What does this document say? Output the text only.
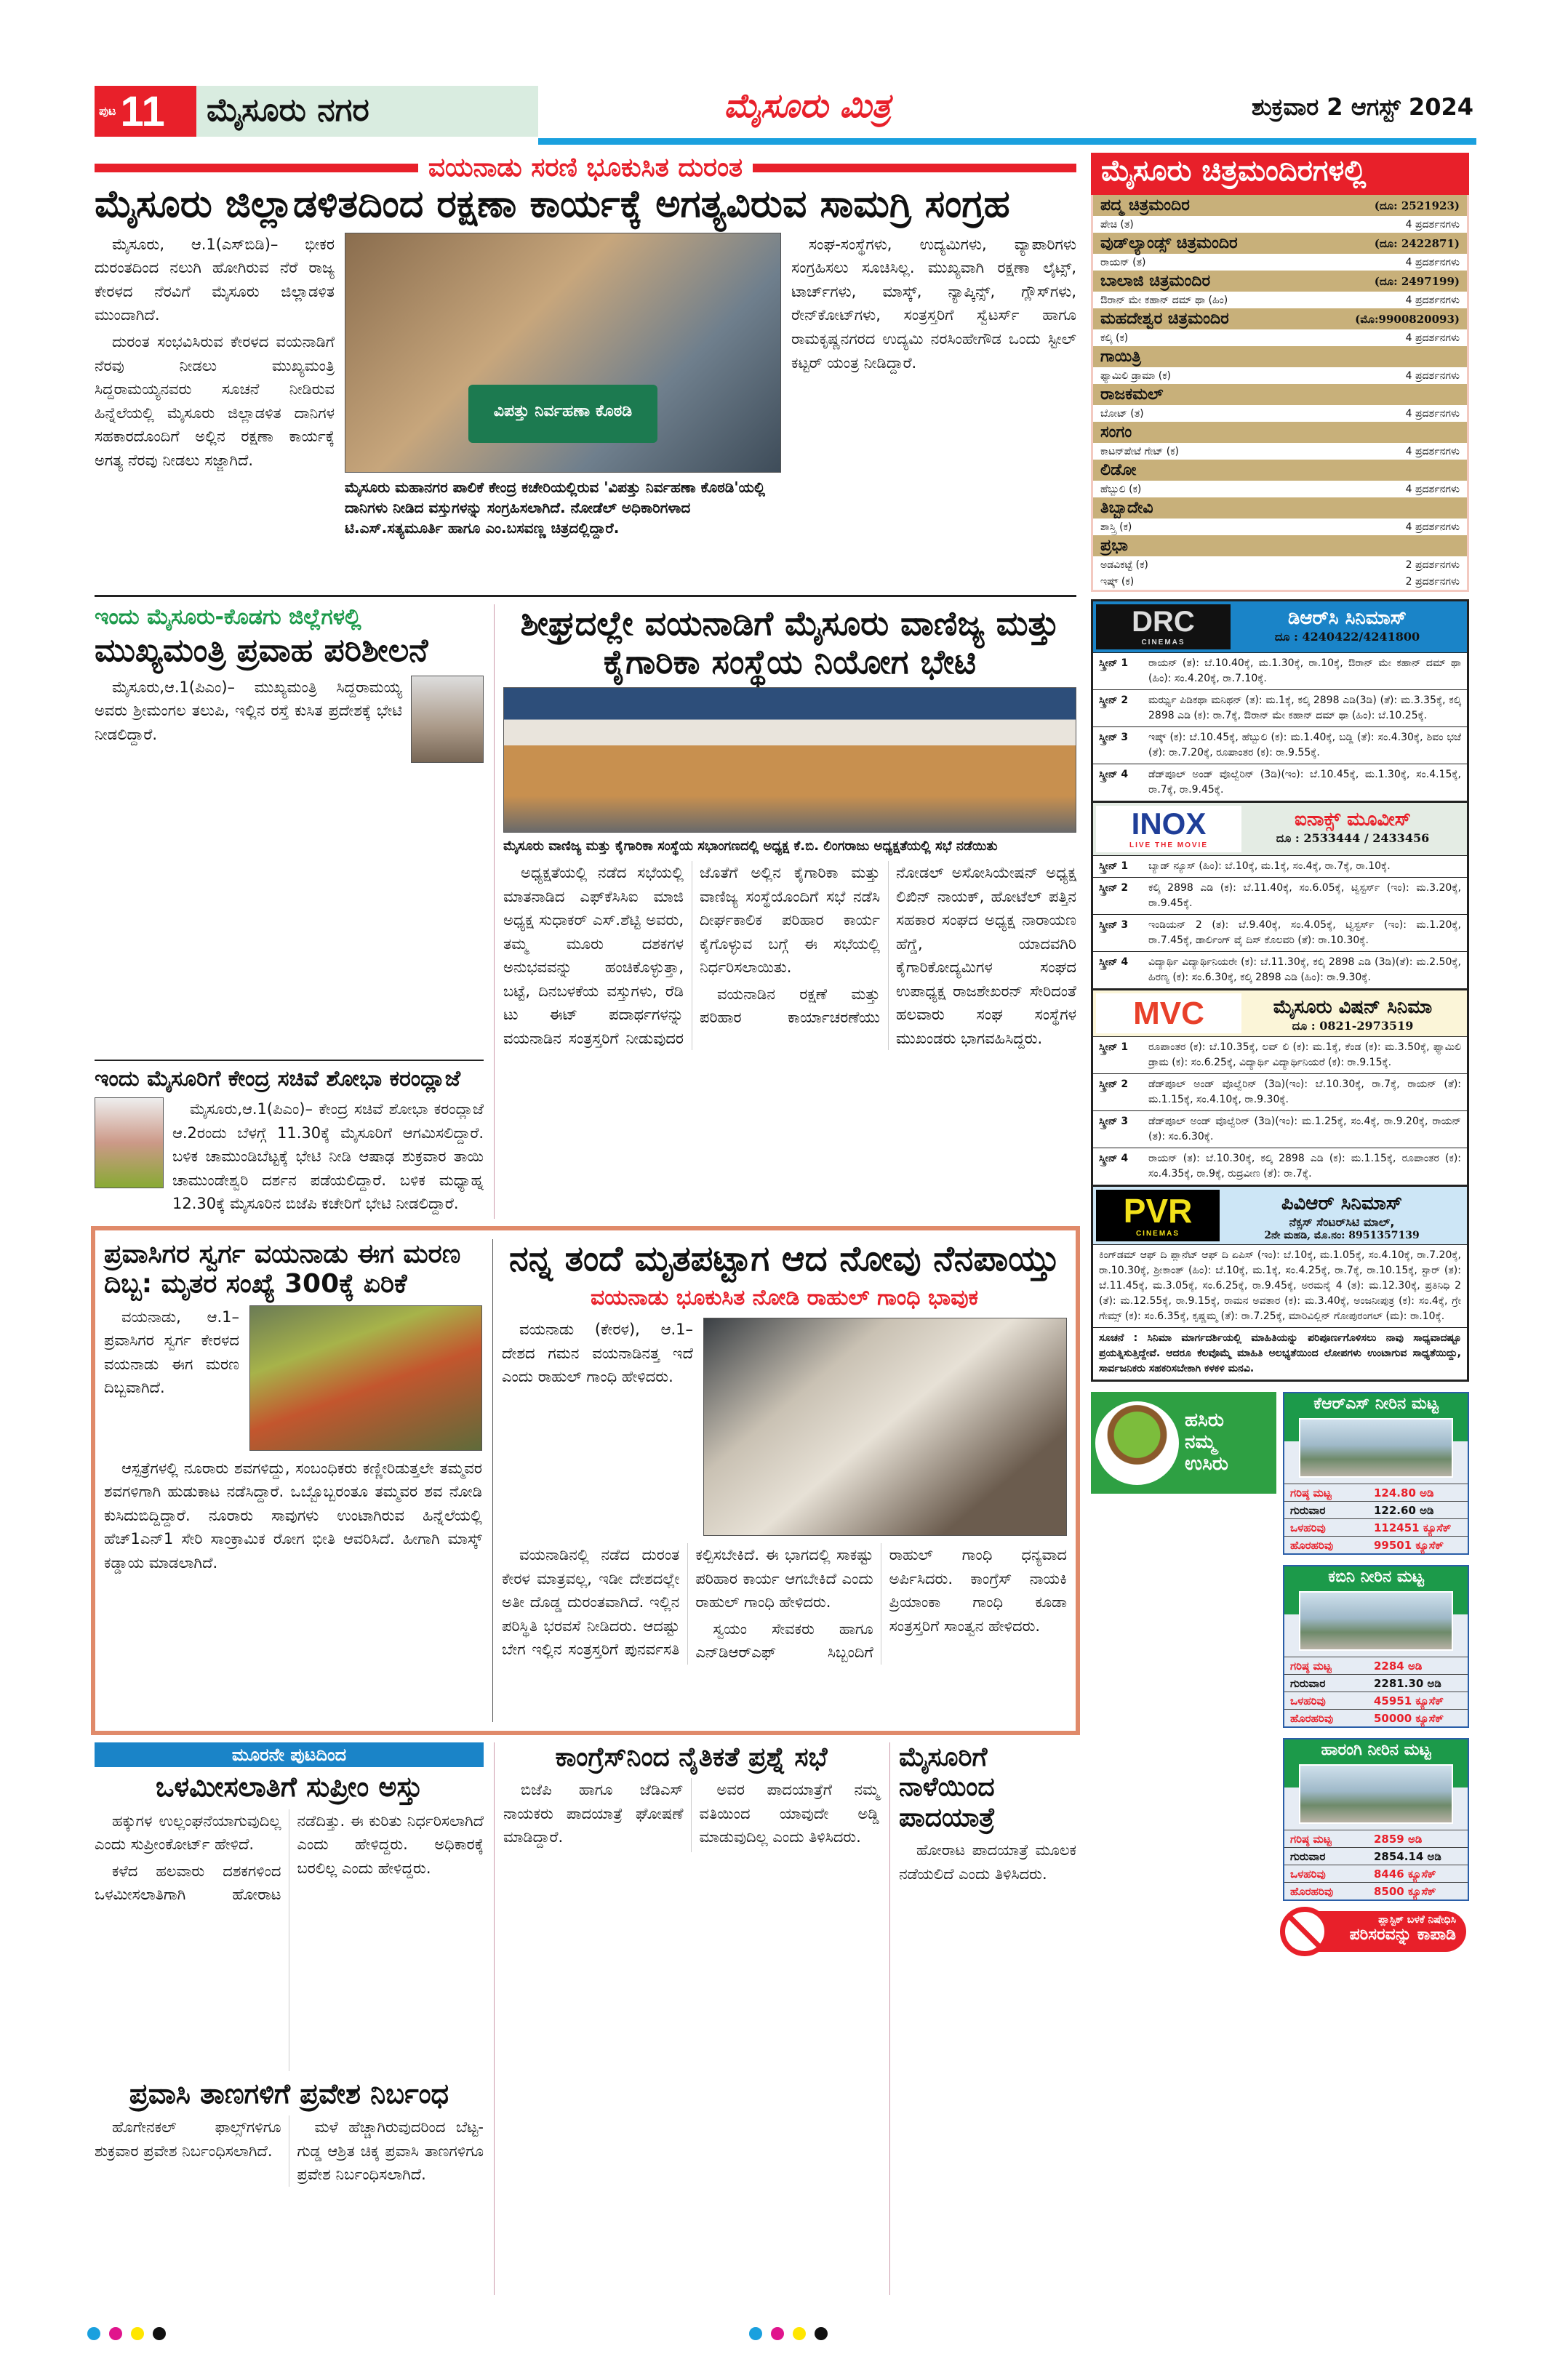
ಪುಟ 11	ಮೈಸೂರು ನಗರ	ಮೈಸೂರು ಮಿತ್ರ	ಶುಕ್ರವಾರ 2 ಆಗಸ್ಟ್ 2024
ವಯನಾಡು ಸರಣಿ ಭೂಕುಸಿತ ದುರಂತ
ಮೈಸೂರು ಜಿಲ್ಲಾಡಳಿತದಿಂದ ರಕ್ಷಣಾ ಕಾರ್ಯಕ್ಕೆ ಅಗತ್ಯವಿರುವ ಸಾಮಗ್ರಿ ಸಂಗ್ರಹ

ಮೈಸೂರು, ಆ.1(ಎಸ್‌ಬಿಡಿ)– ಭೀಕರ ದುರಂತದಿಂದ ನಲುಗಿ ಹೋಗಿರುವ ನೆರೆ ರಾಜ್ಯ ಕೇರಳದ ನೆರವಿಗೆ ಮೈಸೂರು ಜಿಲ್ಲಾಡಳಿತ ಮುಂದಾಗಿದೆ.

ದುರಂತ ಸಂಭವಿಸಿರುವ ಕೇರಳದ ವಯನಾಡಿಗೆ ನೆರವು ನೀಡಲು ಮುಖ್ಯಮಂತ್ರಿ ಸಿದ್ದರಾಮಯ್ಯನವರು ಸೂಚನೆ ನೀಡಿರುವ ಹಿನ್ನೆಲೆಯಲ್ಲಿ ಮೈಸೂರು ಜಿಲ್ಲಾಡಳಿತ ದಾನಿಗಳ ಸಹಕಾರದೊಂದಿಗೆ ಅಲ್ಲಿನ ರಕ್ಷಣಾ ಕಾರ್ಯಕ್ಕೆ ಅಗತ್ಯ ನೆರವು ನೀಡಲು ಸಜ್ಜಾಗಿದೆ.

ವಿಪತ್ತು ನಿರ್ವಹಣಾ ಕೊಠಡಿ
ಮೈಸೂರು ಮಹಾನಗರ ಪಾಲಿಕೆ ಕೇಂದ್ರ ಕಚೇರಿಯಲ್ಲಿರುವ 'ವಿಪತ್ತು ನಿರ್ವಹಣಾ ಕೊಠಡಿ'ಯಲ್ಲಿ ದಾನಿಗಳು ನೀಡಿದ ವಸ್ತುಗಳನ್ನು ಸಂಗ್ರಹಿಸಲಾಗಿದೆ. ನೋಡೆಲ್ ಅಧಿಕಾರಿಗಳಾದ ಟಿ.ಎಸ್.ಸತ್ಯಮೂರ್ತಿ ಹಾಗೂ ಎಂ.ಬಸವಣ್ಣ ಚಿತ್ರದಲ್ಲಿದ್ದಾರೆ.

ಸಂಘ-ಸಂಸ್ಥೆಗಳು, ಉದ್ಯಮಿಗಳು, ವ್ಯಾಪಾರಿಗಳು ಸಂಗ್ರಹಿಸಲು ಸೂಚಿಸಿಲ್ಲ. ಮುಖ್ಯವಾಗಿ ರಕ್ಷಣಾ ಲೈಟ್ಸ್, ಟಾರ್ಚ್‌ಗಳು, ಮಾಸ್ಕ್, ನ್ಯಾಪ್ಕಿನ್ಸ್, ಗ್ಲೌಸ್‌ಗಳು, ರೇನ್‌ಕೋಟ್‌ಗಳು, ಸಂತ್ರಸ್ತರಿಗೆ ಸ್ವೆಟರ್ಸ್ ಹಾಗೂ ರಾಮಕೃಷ್ಣನಗರದ ಉದ್ಯಮಿ ನರಸಿಂಹೇಗೌಡ ಒಂದು ಸ್ಟೀಲ್ ಕಟ್ಟರ್ ಯಂತ್ರ ನೀಡಿದ್ದಾರೆ.

ಇಂದು ಮೈಸೂರು-ಕೊಡಗು ಜಿಲ್ಲೆಗಳಲ್ಲಿ
ಮುಖ್ಯಮಂತ್ರಿ ಪ್ರವಾಹ ಪರಿಶೀಲನೆ

ಮೈಸೂರು,ಆ.1(ಪಿಎಂ)– ಮುಖ್ಯಮಂತ್ರಿ ಸಿದ್ದರಾಮಯ್ಯ ಅವರು ಶ್ರೀಮಂಗಲ ತಲುಪಿ, ಇಲ್ಲಿನ ರಸ್ತೆ ಕುಸಿತ ಪ್ರದೇಶಕ್ಕೆ ಭೇಟಿ ನೀಡಲಿದ್ದಾರೆ.

ಇಂದು ಮೈಸೂರಿಗೆ ಕೇಂದ್ರ ಸಚಿವೆ ಶೋಭಾ ಕರಂದ್ಲಾಜೆ

ಮೈಸೂರು,ಆ.1(ಪಿಎಂ)– ಕೇಂದ್ರ ಸಚಿವೆ ಶೋಭಾ ಕರಂದ್ಲಾಜೆ ಆ.2ರಂದು ಬೆಳಗ್ಗೆ 11.30ಕ್ಕೆ ಮೈಸೂರಿಗೆ ಆಗಮಿಸಲಿದ್ದಾರೆ. ಬಳಿಕ ಚಾಮುಂಡಿಬೆಟ್ಟಕ್ಕೆ ಭೇಟಿ ನೀಡಿ ಆಷಾಢ ಶುಕ್ರವಾರ ತಾಯಿ ಚಾಮುಂಡೇಶ್ವರಿ ದರ್ಶನ ಪಡೆಯಲಿದ್ದಾರೆ. ಬಳಿಕ ಮಧ್ಯಾಹ್ನ 12.30ಕ್ಕೆ ಮೈಸೂರಿನ ಬಿಜೆಪಿ ಕಚೇರಿಗೆ ಭೇಟಿ ನೀಡಲಿದ್ದಾರೆ.

ಶೀಘ್ರದಲ್ಲೇ ವಯನಾಡಿಗೆ ಮೈಸೂರು ವಾಣಿಜ್ಯ ಮತ್ತು ಕೈಗಾರಿಕಾ ಸಂಸ್ಥೆಯ ನಿಯೋಗ ಭೇಟಿ
ಮೈಸೂರು ವಾಣಿಜ್ಯ ಮತ್ತು ಕೈಗಾರಿಕಾ ಸಂಸ್ಥೆಯ ಸಭಾಂಗಣದಲ್ಲಿ ಅಧ್ಯಕ್ಷ ಕೆ.ಬಿ. ಲಿಂಗರಾಜು ಅಧ್ಯಕ್ಷತೆಯಲ್ಲಿ ಸಭೆ ನಡೆಯಿತು

ಅಧ್ಯಕ್ಷತೆಯಲ್ಲಿ ನಡೆದ ಸಭೆಯಲ್ಲಿ ಮಾತನಾಡಿದ ಎಫ್‌ಕೆಸಿಸಿಐ ಮಾಜಿ ಅಧ್ಯಕ್ಷ ಸುಧಾಕರ್ ಎಸ್.ಶೆಟ್ಟಿ ಅವರು, ತಮ್ಮ ಮೂರು ದಶಕಗಳ ಅನುಭವವನ್ನು ಹಂಚಿಕೊಳ್ಳುತ್ತಾ, ಬಟ್ಟೆ, ದಿನಬಳಕೆಯ ವಸ್ತುಗಳು, ರೆಡಿ ಟು ಈಟ್ ಪದಾರ್ಥಗಳನ್ನು ವಯನಾಡಿನ ಸಂತ್ರಸ್ತರಿಗೆ ನೀಡುವುದರ ಜೊತೆಗೆ ಅಲ್ಲಿನ ಕೈಗಾರಿಕಾ ಮತ್ತು ವಾಣಿಜ್ಯ ಸಂಸ್ಥೆಯೊಂದಿಗೆ ಸಭೆ ನಡೆಸಿ ದೀರ್ಘಕಾಲಿಕ ಪರಿಹಾರ ಕಾರ್ಯ ಕೈಗೊಳ್ಳುವ ಬಗ್ಗೆ ಈ ಸಭೆಯಲ್ಲಿ ನಿರ್ಧರಿಸಲಾಯಿತು.

ವಯನಾಡಿನ ರಕ್ಷಣೆ ಮತ್ತು ಪರಿಹಾರ ಕಾರ್ಯಾಚರಣೆಯು ನೋಡಲ್ ಅಸೋಸಿಯೇಷನ್ ಅಧ್ಯಕ್ಷ ಲಿಖಿನ್ ನಾಯಕ್, ಹೋಟೆಲ್ ಪತ್ತಿನ ಸಹಕಾರ ಸಂಘದ ಅಧ್ಯಕ್ಷ ನಾರಾಯಣ ಹೆಗ್ಡೆ, ಯಾದವಗಿರಿ ಕೈಗಾರಿಕೋದ್ಯಮಿಗಳ ಸಂಘದ ಉಪಾಧ್ಯಕ್ಷ ರಾಜಶೇಖರನ್ ಸೇರಿದಂತೆ ಹಲವಾರು ಸಂಘ ಸಂಸ್ಥೆಗಳ ಮುಖಂಡರು ಭಾಗವಹಿಸಿದ್ದರು.

ಪ್ರವಾಸಿಗರ ಸ್ವರ್ಗ ವಯನಾಡು ಈಗ ಮರಣ ದಿಬ್ಬ: ಮೃತರ ಸಂಖ್ಯೆ 300ಕ್ಕೆ ಏರಿಕೆ

ವಯನಾಡು, ಆ.1– ಪ್ರವಾಸಿಗರ ಸ್ವರ್ಗ ಕೇರಳದ ವಯನಾಡು ಈಗ ಮರಣ ದಿಬ್ಬವಾಗಿದೆ.

ಆಸ್ಪತ್ರೆಗಳಲ್ಲಿ ನೂರಾರು ಶವಗಳಿದ್ದು, ಸಂಬಂಧಿಕರು ಕಣ್ಣೀರಿಡುತ್ತಲೇ ತಮ್ಮವರ ಶವಗಳಿಗಾಗಿ ಹುಡುಕಾಟ ನಡೆಸಿದ್ದಾರೆ. ಒಬ್ಬೊಬ್ಬರಂತೂ ತಮ್ಮವರ ಶವ ನೋಡಿ ಕುಸಿದುಬಿದ್ದಿದ್ದಾರೆ. ನೂರಾರು ಸಾವುಗಳು ಉಂಟಾಗಿರುವ ಹಿನ್ನೆಲೆಯಲ್ಲಿ ಹೆಚ್1ಎನ್1 ಸೇರಿ ಸಾಂಕ್ರಾಮಿಕ ರೋಗ ಭೀತಿ ಆವರಿಸಿದೆ. ಹೀಗಾಗಿ ಮಾಸ್ಕ್ ಕಡ್ಡಾಯ ಮಾಡಲಾಗಿದೆ.

ನನ್ನ ತಂದೆ ಮೃತಪಟ್ಟಾಗ ಆದ ನೋವು ನೆನಪಾಯ್ತು
ವಯನಾಡು ಭೂಕುಸಿತ ನೋಡಿ ರಾಹುಲ್ ಗಾಂಧಿ ಭಾವುಕ

ವಯನಾಡು (ಕೇರಳ), ಆ.1– ದೇಶದ ಗಮನ ವಯನಾಡಿನತ್ತ ಇದೆ ಎಂದು ರಾಹುಲ್ ಗಾಂಧಿ ಹೇಳಿದರು.

ವಯನಾಡಿನಲ್ಲಿ ನಡೆದ ದುರಂತ ಕೇರಳ ಮಾತ್ರವಲ್ಲ, ಇಡೀ ದೇಶದಲ್ಲೇ ಅತೀ ದೊಡ್ಡ ದುರಂತವಾಗಿದೆ. ಇಲ್ಲಿನ ಪರಿಸ್ಥಿತಿ ಭರವಸೆ ನೀಡಿದರು. ಆದಷ್ಟು ಬೇಗ ಇಲ್ಲಿನ ಸಂತ್ರಸ್ತರಿಗೆ ಪುನರ್ವಸತಿ ಕಲ್ಪಿಸಬೇಕಿದೆ. ಈ ಭಾಗದಲ್ಲಿ ಸಾಕಷ್ಟು ಪರಿಹಾರ ಕಾರ್ಯ ಆಗಬೇಕಿದೆ ಎಂದು ರಾಹುಲ್ ಗಾಂಧಿ ಹೇಳಿದರು.

ಸ್ವಯಂ ಸೇವಕರು ಹಾಗೂ ಎನ್‌ಡಿಆರ್‌ಎಫ್ ಸಿಬ್ಬಂದಿಗೆ ರಾಹುಲ್ ಗಾಂಧಿ ಧನ್ಯವಾದ ಅರ್ಪಿಸಿದರು. ಕಾಂಗ್ರೆಸ್ ನಾಯಕಿ ಪ್ರಿಯಾಂಕಾ ಗಾಂಧಿ ಕೂಡಾ ಸಂತ್ರಸ್ತರಿಗೆ ಸಾಂತ್ವನ ಹೇಳಿದರು.

ಮೂರನೇ ಪುಟದಿಂದ
ಒಳಮೀಸಲಾತಿಗೆ ಸುಪ್ರೀಂ ಅಸ್ತು

ಹಕ್ಕುಗಳ ಉಲ್ಲಂಘನೆಯಾಗುವುದಿಲ್ಲ ಎಂದು ಸುಪ್ರೀಂಕೋರ್ಟ್ ಹೇಳಿದೆ.

ಕಳೆದ ಹಲವಾರು ದಶಕಗಳಿಂದ ಒಳಮೀಸಲಾತಿಗಾಗಿ ಹೋರಾಟ ನಡೆದಿತ್ತು. ಈ ಕುರಿತು ನಿರ್ಧರಿಸಲಾಗಿದೆ ಎಂದು ಹೇಳಿದ್ದರು. ಅಧಿಕಾರಕ್ಕೆ ಬರಲಿಲ್ಲ ಎಂದು ಹೇಳಿದ್ದರು.

ಪ್ರವಾಸಿ ತಾಣಗಳಿಗೆ ಪ್ರವೇಶ ನಿರ್ಬಂಧ

ಹೊಗೇನಕಲ್ ಫಾಲ್ಸ್‌ಗಳಿಗೂ ಶುಕ್ರವಾರ ಪ್ರವೇಶ ನಿರ್ಬಂಧಿಸಲಾಗಿದೆ.

ಮಳೆ ಹೆಚ್ಚಾಗಿರುವುದರಿಂದ ಬೆಟ್ಟ-ಗುಡ್ಡ ಆಶ್ರಿತ ಚಿಕ್ಕ ಪ್ರವಾಸಿ ತಾಣಗಳಿಗೂ ಪ್ರವೇಶ ನಿರ್ಬಂಧಿಸಲಾಗಿದೆ.

ಕಾಂಗ್ರೆಸ್‌ನಿಂದ ನೈತಿಕತೆ ಪ್ರಶ್ನೆ ಸಭೆ

ಬಿಜೆಪಿ ಹಾಗೂ ಜೆಡಿಎಸ್ ನಾಯಕರು ಪಾದಯಾತ್ರೆ ಘೋಷಣೆ ಮಾಡಿದ್ದಾರೆ.

ಅವರ ಪಾದಯಾತ್ರೆಗೆ ನಮ್ಮ ವತಿಯಿಂದ ಯಾವುದೇ ಅಡ್ಡಿ ಮಾಡುವುದಿಲ್ಲ ಎಂದು ತಿಳಿಸಿದರು.

ಮೈಸೂರಿಗೆ ನಾಳೆಯಿಂದ ಪಾದಯಾತ್ರೆ

ಹೋರಾಟ ಪಾದಯಾತ್ರೆ ಮೂಲಕ ನಡೆಯಲಿದೆ ಎಂದು ತಿಳಿಸಿದರು.

ಮೈಸೂರು ಚಿತ್ರಮಂದಿರಗಳಲ್ಲಿ
ಪದ್ಮ ಚಿತ್ರಮಂದಿರ	(ದೂ: 2521923)
ಪೇಚಿ (ತ)	4 ಪ್ರದರ್ಶನಗಳು
ವುಡ್‌ಲ್ಯಾಂಡ್ಸ್ ಚಿತ್ರಮಂದಿರ	(ದೂ: 2422871)
ರಾಯನ್ (ತ)	4 ಪ್ರದರ್ಶನಗಳು
ಬಾಲಾಜಿ ಚಿತ್ರಮಂದಿರ	(ದೂ: 2497199)
ಔರಾನ್ ಮೇ ಕಹಾನ್ ದಮ್ ಥಾ (ಹಿಂ)	4 ಪ್ರದರ್ಶನಗಳು
ಮಹದೇಶ್ವರ ಚಿತ್ರಮಂದಿರ	(ಮೊ:9900820093)
ಕಲ್ಕಿ (ಕ)	4 ಪ್ರದರ್ಶನಗಳು
ಗಾಯಿತ್ರಿ
ಫ್ಯಾಮಿಲಿ ಡ್ರಾಮಾ (ಕ)	4 ಪ್ರದರ್ಶನಗಳು
ರಾಜಕಮಲ್
ಬೋಟ್ (ತ)	4 ಪ್ರದರ್ಶನಗಳು
ಸಂಗಂ
ಕಾಟನ್‌ಪೇಟೆ ಗೇಟ್ (ಕ)	4 ಪ್ರದರ್ಶನಗಳು
ಲಿಡೋ
ಹೆಬ್ಬುಲಿ (ಕ)	4 ಪ್ರದರ್ಶನಗಳು
ತಿಬ್ಬಾದೇವಿ
ಶಾಸ್ತ್ರಿ (ಕ)	4 ಪ್ರದರ್ಶನಗಳು
ಪ್ರಭಾ
ಅಡವಿಕಟ್ಟೆ (ಕ)	2 ಪ್ರದರ್ಶನಗಳು
ಇಷ್ಕ್ (ಕ)	2 ಪ್ರದರ್ಶನಗಳು
DRC
CINEMAS
ಡಿಆರ್‌ಸಿ ಸಿನಿಮಾಸ್
ದೂ : 4240422/4241800
ಸ್ಕ್ರೀನ್ 1	ರಾಯನ್ (ತ): ಬೆ.10.40ಕ್ಕೆ, ಮ.1.30ಕ್ಕೆ, ರಾ.10ಕ್ಕೆ, ಔರಾನ್ ಮೇ ಕಹಾನ್ ದಮ್ ಥಾ (ಹಿಂ): ಸಂ.4.20ಕ್ಕೆ, ರಾ.7.10ಕ್ಕೆ.
ಸ್ಕ್ರೀನ್ 2	ಮರ್ಝ್ಯ ಪಿಡಿಕಥಾ ಮನಿಥನ್ (ತ): ಮ.1ಕ್ಕೆ, ಕಲ್ಕಿ 2898 ಎಡಿ(3ಡಿ) (ತೆ): ಮ.3.35ಕ್ಕೆ, ಕಲ್ಕಿ 2898 ಎಡಿ (ಕ): ರಾ.7ಕ್ಕೆ, ಔರಾನ್ ಮೇ ಕಹಾನ್ ದಮ್ ಥಾ (ಹಿಂ): ಬೆ.10.25ಕ್ಕೆ.
ಸ್ಕ್ರೀನ್ 3	ಇಷ್ಕ್ (ಕ): ಬೆ.10.45ಕ್ಕೆ, ಹೆಬ್ಬುಲಿ (ಕ): ಮ.1.40ಕ್ಕೆ, ಬಡ್ಡಿ (ತೆ): ಸಂ.4.30ಕ್ಕೆ, ಶಿವಂ ಭಜೆ (ತೆ): ರಾ.7.20ಕ್ಕೆ, ರೂಪಾಂತರ (ಕ): ರಾ.9.55ಕ್ಕೆ.
ಸ್ಕ್ರೀನ್ 4	ಡೆಡ್‌ಪೂಲ್ ಅಂಡ್ ವೊಲ್ವೆರಿನ್ (3ಡಿ)(ಇಂ): ಬೆ.10.45ಕ್ಕೆ, ಮ.1.30ಕ್ಕೆ, ಸಂ.4.15ಕ್ಕೆ, ರಾ.7ಕ್ಕೆ, ರಾ.9.45ಕ್ಕೆ.
INOX
LIVE THE MOVIE
ಐನಾಕ್ಸ್ ಮೂವೀಸ್
ದೂ : 2533444 / 2433456
ಸ್ಕ್ರೀನ್ 1	ಬ್ಯಾಡ್ ನ್ಯೂಸ್ (ಹಿಂ): ಬೆ.10ಕ್ಕೆ, ಮ.1ಕ್ಕೆ, ಸಂ.4ಕ್ಕೆ, ರಾ.7ಕ್ಕೆ, ರಾ.10ಕ್ಕೆ.
ಸ್ಕ್ರೀನ್ 2	ಕಲ್ಕಿ 2898 ಎಡಿ (ಕ): ಬೆ.11.40ಕ್ಕೆ, ಸಂ.6.05ಕ್ಕೆ, ಟ್ವಿಸ್ಟರ್ಸ್ (ಇಂ): ಮ.3.20ಕ್ಕೆ, ರಾ.9.45ಕ್ಕೆ.
ಸ್ಕ್ರೀನ್ 3	ಇಂಡಿಯನ್ 2 (ತ): ಬೆ.9.40ಕ್ಕೆ, ಸಂ.4.05ಕ್ಕೆ, ಟ್ವಿಸ್ಟರ್ಸ್ (ಇಂ): ಮ.1.20ಕ್ಕೆ, ರಾ.7.45ಕ್ಕೆ, ಡಾರ್ಲಿಂಗ್ ವೈ ದಿಸ್ ಕೊಲವರಿ (ತೆ): ರಾ.10.30ಕ್ಕೆ.
ಸ್ಕ್ರೀನ್ 4	ವಿದ್ಯಾರ್ಥಿ ವಿದ್ಯಾರ್ಥಿನಿಯರೇ (ಕ): ಬೆ.11.30ಕ್ಕೆ, ಕಲ್ಕಿ 2898 ಎಡಿ (3ಡಿ)(ತೆ): ಮ.2.50ಕ್ಕೆ, ಹಿರಣ್ಯ (ಕ): ಸಂ.6.30ಕ್ಕೆ, ಕಲ್ಕಿ 2898 ಎಡಿ (ಹಿಂ): ರಾ.9.30ಕ್ಕೆ.
MVC	ಮೈಸೂರು ವಿಷನ್ ಸಿನಿಮಾ
ದೂ : 0821-2973519
ಸ್ಕ್ರೀನ್ 1	ರೂಪಾಂತರ (ಕ): ಬೆ.10.35ಕ್ಕೆ, ಲವ್ ಲಿ (ಕ): ಮ.1ಕ್ಕೆ, ಕೆಂಡ (ಕ): ಮ.3.50ಕ್ಕೆ, ಫ್ಯಾಮಿಲಿ ಡ್ರಾಮ (ಕ): ಸಂ.6.25ಕ್ಕೆ, ವಿದ್ಯಾರ್ಥಿ ವಿದ್ಯಾರ್ಥಿನಿಯರೆ (ಕ): ರಾ.9.15ಕ್ಕೆ.
ಸ್ಕ್ರೀನ್ 2	ಡೆಡ್‌ಪೂಲ್ ಅಂಡ್ ವೊಲ್ವೆರಿನ್ (3ಡಿ)(ಇಂ): ಬೆ.10.30ಕ್ಕೆ, ರಾ.7ಕ್ಕೆ, ರಾಯನ್ (ತೆ): ಮ.1.15ಕ್ಕೆ, ಸಂ.4.10ಕ್ಕೆ, ರಾ.9.30ಕ್ಕೆ.
ಸ್ಕ್ರೀನ್ 3	ಡೆಡ್‌ಪೂಲ್ ಅಂಡ್ ವೊಲ್ವೆರಿನ್ (3ಡಿ)(ಇಂ): ಮ.1.25ಕ್ಕೆ, ಸಂ.4ಕ್ಕೆ, ರಾ.9.20ಕ್ಕೆ, ರಾಯನ್ (ತ): ಸಂ.6.30ಕ್ಕೆ.
ಸ್ಕ್ರೀನ್ 4	ರಾಯನ್ (ತ): ಬೆ.10.30ಕ್ಕೆ, ಕಲ್ಕಿ 2898 ಎಡಿ (ಕ): ಮ.1.15ಕ್ಕೆ, ರೂಪಾಂತರ (ಕ): ಸಂ.4.35ಕ್ಕೆ, ರಾ.9ಕ್ಕೆ, ರುದ್ರವೀಣ (ತೆ): ರಾ.7ಕ್ಕೆ.
PVR
CINEMAS
ಪಿವಿಆರ್ ಸಿನಿಮಾಸ್
ನೆಕ್ಸಸ್ ಸೆಂಟರ್‌ಸಿಟಿ ಮಾಲ್,
2ನೇ ಮಹಡಿ, ಮೊ.ನಂ: 8951357139
ಕಿಂಗ್‌ಡಮ್ ಆಫ್ ದಿ ಪ್ಲಾನೆಟ್ ಆಫ್ ದಿ ಏಪಿಸ್ (ಇಂ): ಬೆ.10ಕ್ಕೆ, ಮ.1.05ಕ್ಕೆ, ಸಂ.4.10ಕ್ಕೆ, ರಾ.7.20ಕ್ಕೆ, ರಾ.10.30ಕ್ಕೆ, ಶ್ರೀಕಾಂತ್ (ಹಿಂ): ಬೆ.10ಕ್ಕೆ, ಮ.1ಕ್ಕೆ, ಸಂ.4.25ಕ್ಕೆ, ರಾ.7ಕ್ಕೆ, ರಾ.10.15ಕ್ಕೆ, ಸ್ಟಾರ್ (ತ): ಬೆ.11.45ಕ್ಕೆ, ಮ.3.05ಕ್ಕೆ, ಸಂ.6.25ಕ್ಕೆ, ರಾ.9.45ಕ್ಕೆ, ಅರಮನೈ 4 (ತ): ಮ.12.30ಕ್ಕೆ, ಪ್ರತಿನಿಧಿ 2 (ತೆ): ಮ.12.55ಕ್ಕೆ, ರಾ.9.15ಕ್ಕೆ, ರಾಮನ ಅವತಾರ (ಕ): ಮ.3.40ಕ್ಕೆ, ಅಂಜನೀಪುತ್ರ (ಕ): ಸಂ.4ಕ್ಕೆ, ಗ್ರೇ ಗೇಮ್ಸ್ (ಕ): ಸಂ.6.35ಕ್ಕೆ, ಕೃಷ್ಣಮ್ಮ (ತೆ): ರಾ.7.25ಕ್ಕೆ, ಮಾರಿವಿಲ್ಲಿನ್ ಗೋಪುರಂಗಲ್ (ಮ): ರಾ.10ಕ್ಕೆ.
ಸೂಚನೆ : ಸಿನಿಮಾ ಮಾರ್ಗದರ್ಶಿಯಲ್ಲಿ ಮಾಹಿತಿಯನ್ನು ಪರಿಪೂರ್ಣಗೊಳಿಸಲು ನಾವು ಸಾಧ್ಯವಾದಷ್ಟೂ ಪ್ರಯತ್ನಿಸುತ್ತಿದ್ದೇವೆ. ಆದರೂ ಕೆಲವೊಮ್ಮೆ ಮಾಹಿತಿ ಅಲಭ್ಯತೆಯಿಂದ ಲೋಪಗಳು ಉಂಟಾಗುವ ಸಾಧ್ಯತೆಯಿದ್ದು, ಸಾರ್ವಜನಿಕರು ಸಹಕರಿಸಬೇಕಾಗಿ ಕಳಕಳಿ ಮನವಿ.
ಹಸಿರು
ನಮ್ಮ
ಉಸಿರು
ಕೆಆರ್‌ಎಸ್ ನೀರಿನ ಮಟ್ಟ
ಗರಿಷ್ಠ ಮಟ್ಟ	124.80 ಅಡಿ
ಗುರುವಾರ	122.60 ಅಡಿ
ಒಳಹರಿವು	112451 ಕ್ಯೂಸೆಕ್
ಹೊರಹರಿವು	99501 ಕ್ಯೂಸೆಕ್
ಕಬಿನಿ ನೀರಿನ ಮಟ್ಟ
ಗರಿಷ್ಠ ಮಟ್ಟ	2284 ಅಡಿ
ಗುರುವಾರ	2281.30 ಅಡಿ
ಒಳಹರಿವು	45951 ಕ್ಯೂಸೆಕ್
ಹೊರಹರಿವು	50000 ಕ್ಯೂಸೆಕ್
ಹಾರಂಗಿ ನೀರಿನ ಮಟ್ಟ
ಗರಿಷ್ಠ ಮಟ್ಟ	2859 ಅಡಿ
ಗುರುವಾರ	2854.14 ಅಡಿ
ಒಳಹರಿವು	8446 ಕ್ಯೂಸೆಕ್
ಹೊರಹರಿವು	8500 ಕ್ಯೂಸೆಕ್
ಪ್ಲಾಸ್ಟಿಕ್ ಬಳಕೆ ನಿಷೇಧಿಸಿ
ಪರಿಸರವನ್ನು ಕಾಪಾಡಿ
